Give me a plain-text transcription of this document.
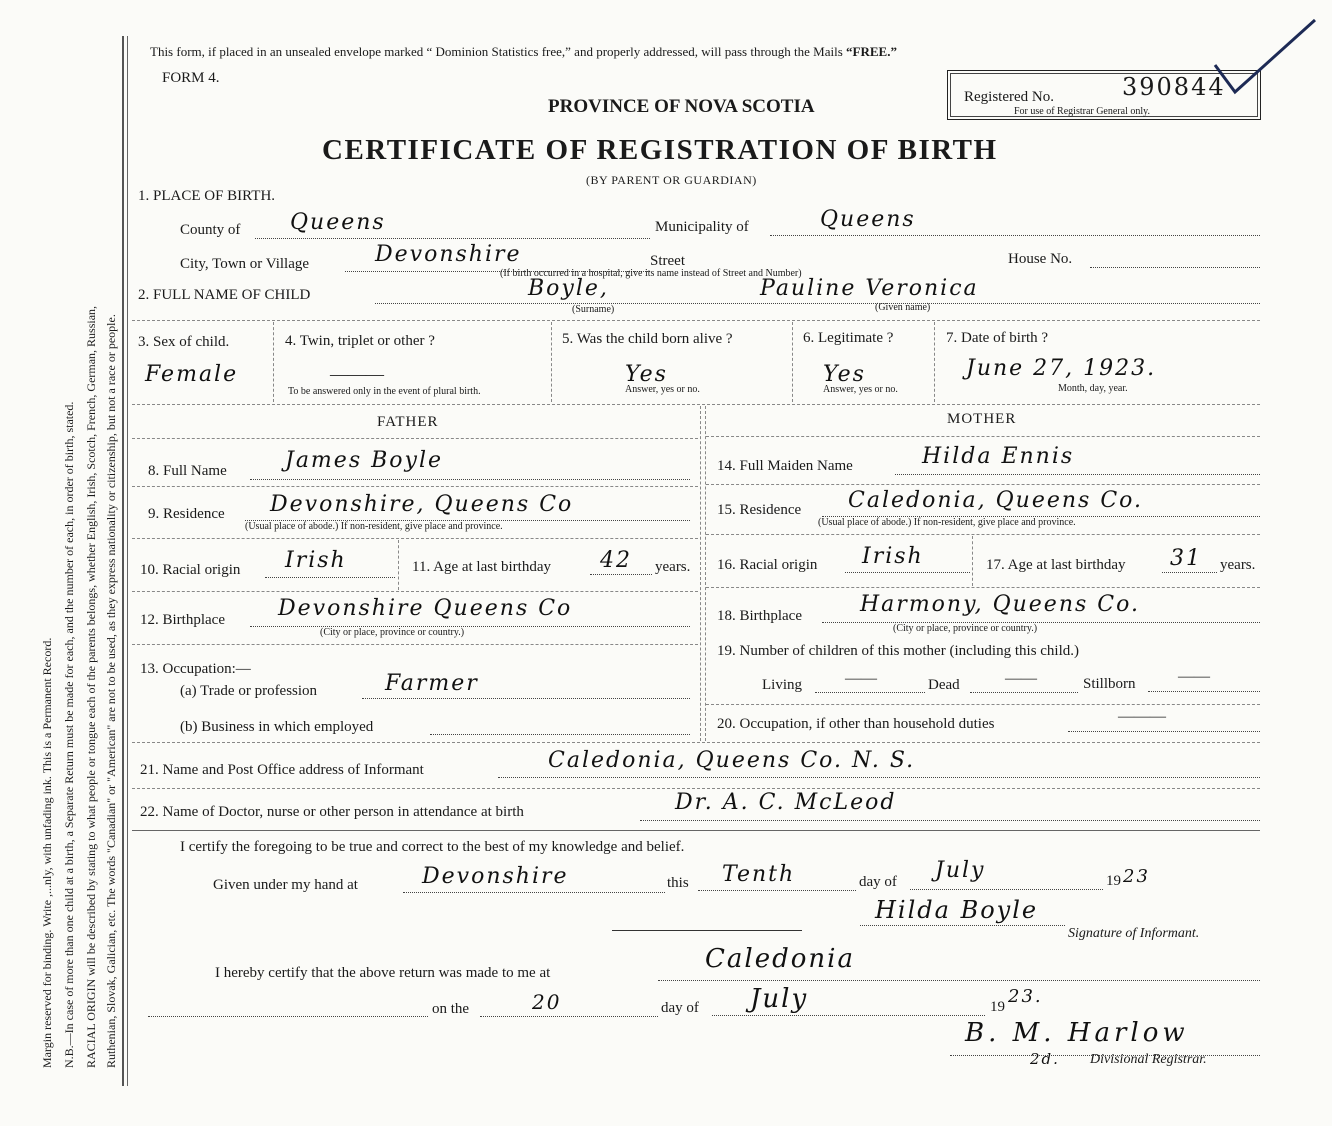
Margin reserved for binding. Write ,...nly, with unfading ink. This is a Permanent Record. N.B.—In case of more than one child at a birth, a Separate Return must be made for each, and the number of each, in order of birth, stated. RACIAL ORIGIN will be described by stating to what people or tongue each of the parents belongs, whether English, Irish, Scotch, French, German, Russian, Ruthenian, Slovak, Galician, etc. The words "Canadian" or "American" are not to be used, as they express nationality or citizenship, but not a race or people.
This form, if placed in an unsealed envelope marked “ Dominion Statistics free,” and properly addressed, will pass through the Mails “FREE.”
FORM 4.
PROVINCE OF NOVA SCOTIA	Registered No.	390844
For use of Registrar General only.
CERTIFICATE OF REGISTRATION OF BIRTH
(BY PARENT OR GUARDIAN)
1. PLACE OF BIRTH.
County of Queens	Municipality of	Queens
City, Town or Village	Devonshire	Street	House No.
(If birth occurred in a hospital, give its name instead of Street and Number)
2. FULL NAME OF CHILD	Boyle,	Pauline Veronica
(Surname)	(Given name)
3. Sex of child.
Female
4. Twin, triplet or other ?
———
To be answered only in the event of plural birth.
5. Was the child born alive ?
Yes
Answer, yes or no.
6. Legitimate ?
Yes
Answer, yes or no.
7. Date of birth ?
June 27, 1923.
Month, day, year.
FATHER	MOTHER
8. Full Name	James Boyle
9. Residence Devonshire, Queens Co
(Usual place of abode.) If non-resident, give place and province.
10. Racial origin Irish	11. Age at last birthday 42 years.
12. Birthplace Devonshire Queens Co
(City or place, province or country.)
13. Occupation:—
(a) Trade or profession	Farmer
(b) Business in which employed
14. Full Maiden Name	Hilda Ennis
15. Residence Caledonia, Queens Co.
(Usual place of abode.) If non-resident, give place and province.
16. Racial origin Irish	17. Age at last birthday 31 years.
18. Birthplace	Harmony, Queens Co.
(City or place, province or country.)
19. Number of children of this mother (including this child.)
Living	——	Dead	——	Stillborn	——
20. Occupation, if other than household duties	———
21. Name and Post Office address of Informant	Caledonia, Queens Co. N. S.
22. Name of Doctor, nurse or other person in attendance at birth	Dr. A. C. McLeod
I certify the foregoing to be true and correct to the best of my knowledge and belief.
Given under my hand at	Devonshire	this Tenth	day of July	19 23
Hilda Boyle
Signature of Informant.
I hereby certify that the above return was made to me at	Caledonia
on the	20	day of July	19 23.
B. M. Harlow
2d. Divisional Registrar.
